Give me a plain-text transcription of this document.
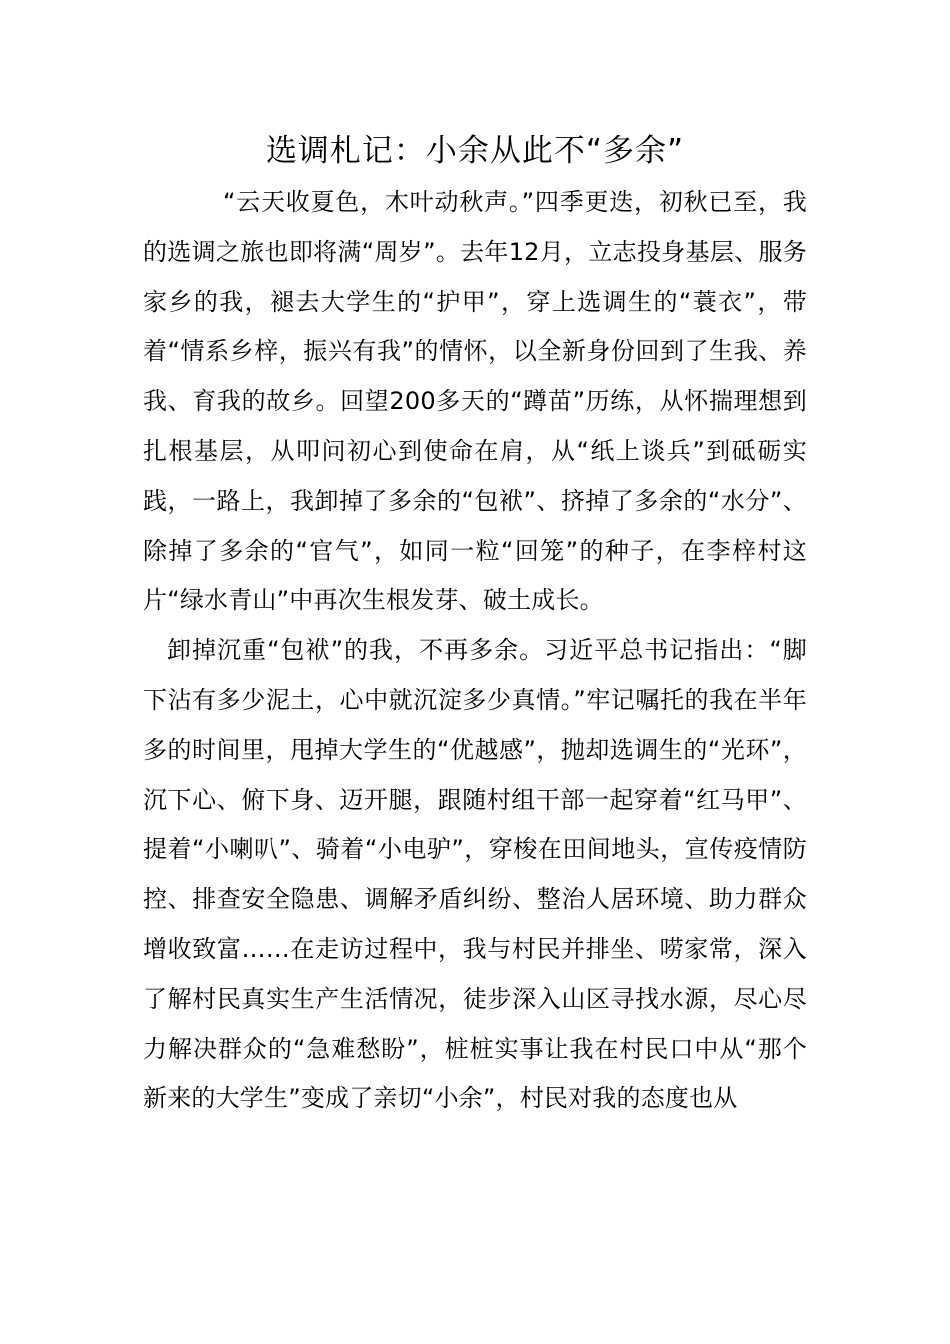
选调札记：小余从此不“多余”

“云天收夏色，木叶动秋声。”四季更迭，初秋已至，我的选调之旅也即将满“周岁”。去年12月，立志投身基层、服务家乡的我，褪去大学生的“护甲”，穿上选调生的“蓑衣”，带着“情系乡梓，振兴有我”的情怀，以全新身份回到了生我、养我、育我的故乡。回望200多天的“蹲苗”历练，从怀揣理想到扎根基层，从叩问初心到使命在肩，从“纸上谈兵”到砥砺实践，一路上，我卸掉了多余的“包袱”、挤掉了多余的“水分”、除掉了多余的“官气”，如同一粒“回笼”的种子，在李梓村这片“绿水青山”中再次生根发芽、破土成长。

卸掉沉重“包袱”的我，不再多余。习近平总书记指出：“脚下沾有多少泥土，心中就沉淀多少真情。”牢记嘱托的我在半年多的时间里，甩掉大学生的“优越感”，抛却选调生的“光环”，沉下心、俯下身、迈开腿，跟随村组干部一起穿着“红马甲”、提着“小喇叭”、骑着“小电驴”，穿梭在田间地头，宣传疫情防控、排查安全隐患、调解矛盾纠纷、整治人居环境、助力群众增收致富……在走访过程中，我与村民并排坐、唠家常，深入了解村民真实生产生活情况，徒步深入山区寻找水源，尽心尽力解决群众的“急难愁盼”，桩桩实事让我在村民口中从“那个新来的大学生”变成了亲切“小余”，村民对我的态度也从
